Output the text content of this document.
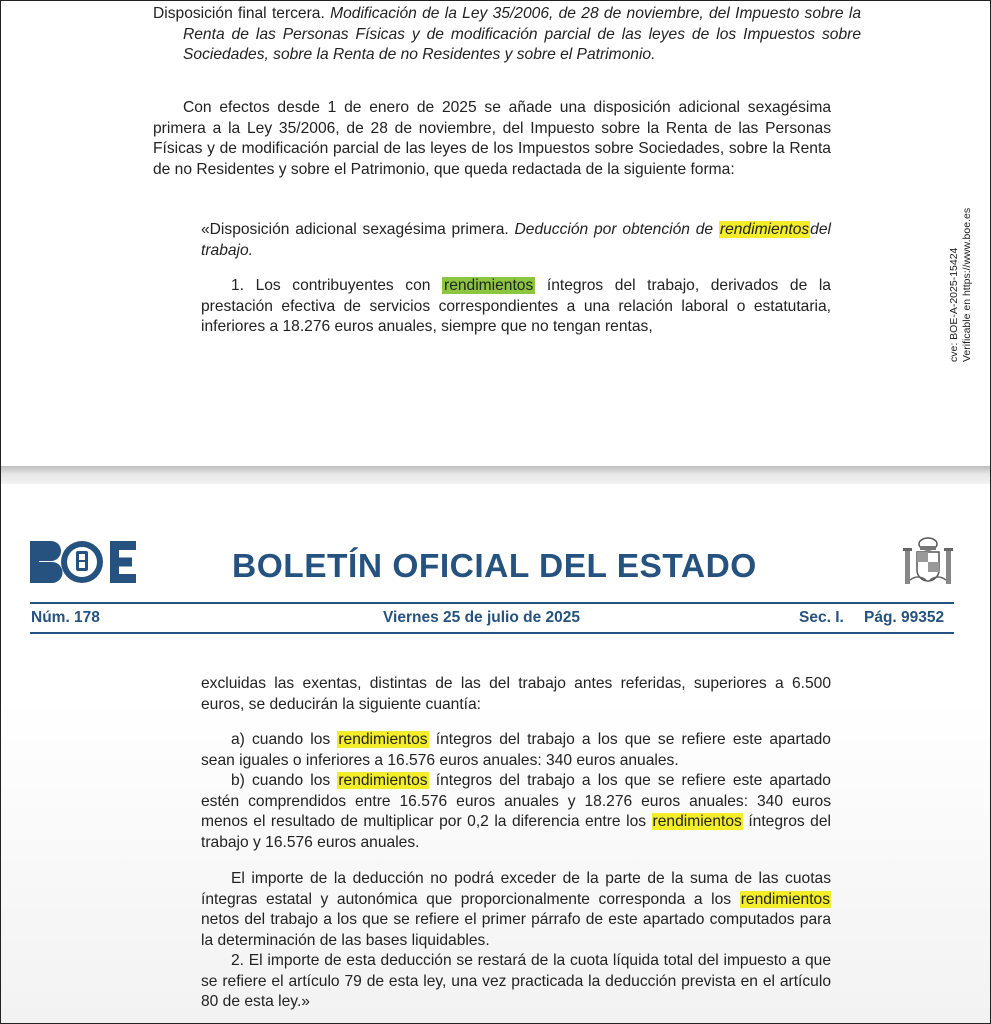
Disposición final tercera. Modificación de la Ley 35/2006, de 28 de noviembre, del Impuesto sobre la Renta de las Personas Físicas y de modificación parcial de las leyes de los Impuestos sobre Sociedades, sobre la Renta de no Residentes y sobre el Patrimonio.

Con efectos desde 1 de enero de 2025 se añade una disposición adicional sexagésima primera a la Ley 35/2006, de 28 de noviembre, del Impuesto sobre la Renta de las Personas Físicas y de modificación parcial de las leyes de los Impuestos sobre Sociedades, sobre la Renta de no Residentes y sobre el Patrimonio, que queda redactada de la siguiente forma:

«Disposición adicional sexagésima primera. Deducción por obtención de rendimientosdel trabajo.

1. Los contribuyentes con rendimientos íntegros del trabajo, derivados de la prestación efectiva de servicios correspondientes a una relación laboral o estatutaria, inferiores a 18.276 euros anuales, siempre que no tengan rentas,	cve: BOE-A-2025-15424 Verificable en https://www.boe.es
BOLETÍN OFICIAL DEL ESTADO
Núm. 178	Viernes 25 de julio de 2025	Sec. I. Pág. 99352

excluidas las exentas, distintas de las del trabajo antes referidas, superiores a 6.500 euros, se deducirán la siguiente cuantía:

a) cuando los rendimientos íntegros del trabajo a los que se refiere este apartado sean iguales o inferiores a 16.576 euros anuales: 340 euros anuales.

b) cuando los rendimientos íntegros del trabajo a los que se refiere este apartado estén comprendidos entre 16.576 euros anuales y 18.276 euros anuales: 340 euros menos el resultado de multiplicar por 0,2 la diferencia entre los rendimientos íntegros del trabajo y 16.576 euros anuales.

El importe de la deducción no podrá exceder de la parte de la suma de las cuotas íntegras estatal y autonómica que proporcionalmente corresponda a los rendimientos netos del trabajo a los que se refiere el primer párrafo de este apartado computados para la determinación de las bases liquidables.

2. El importe de esta deducción se restará de la cuota líquida total del impuesto a que se refiere el artículo 79 de esta ley, una vez practicada la deducción prevista en el artículo 80 de esta ley.»
